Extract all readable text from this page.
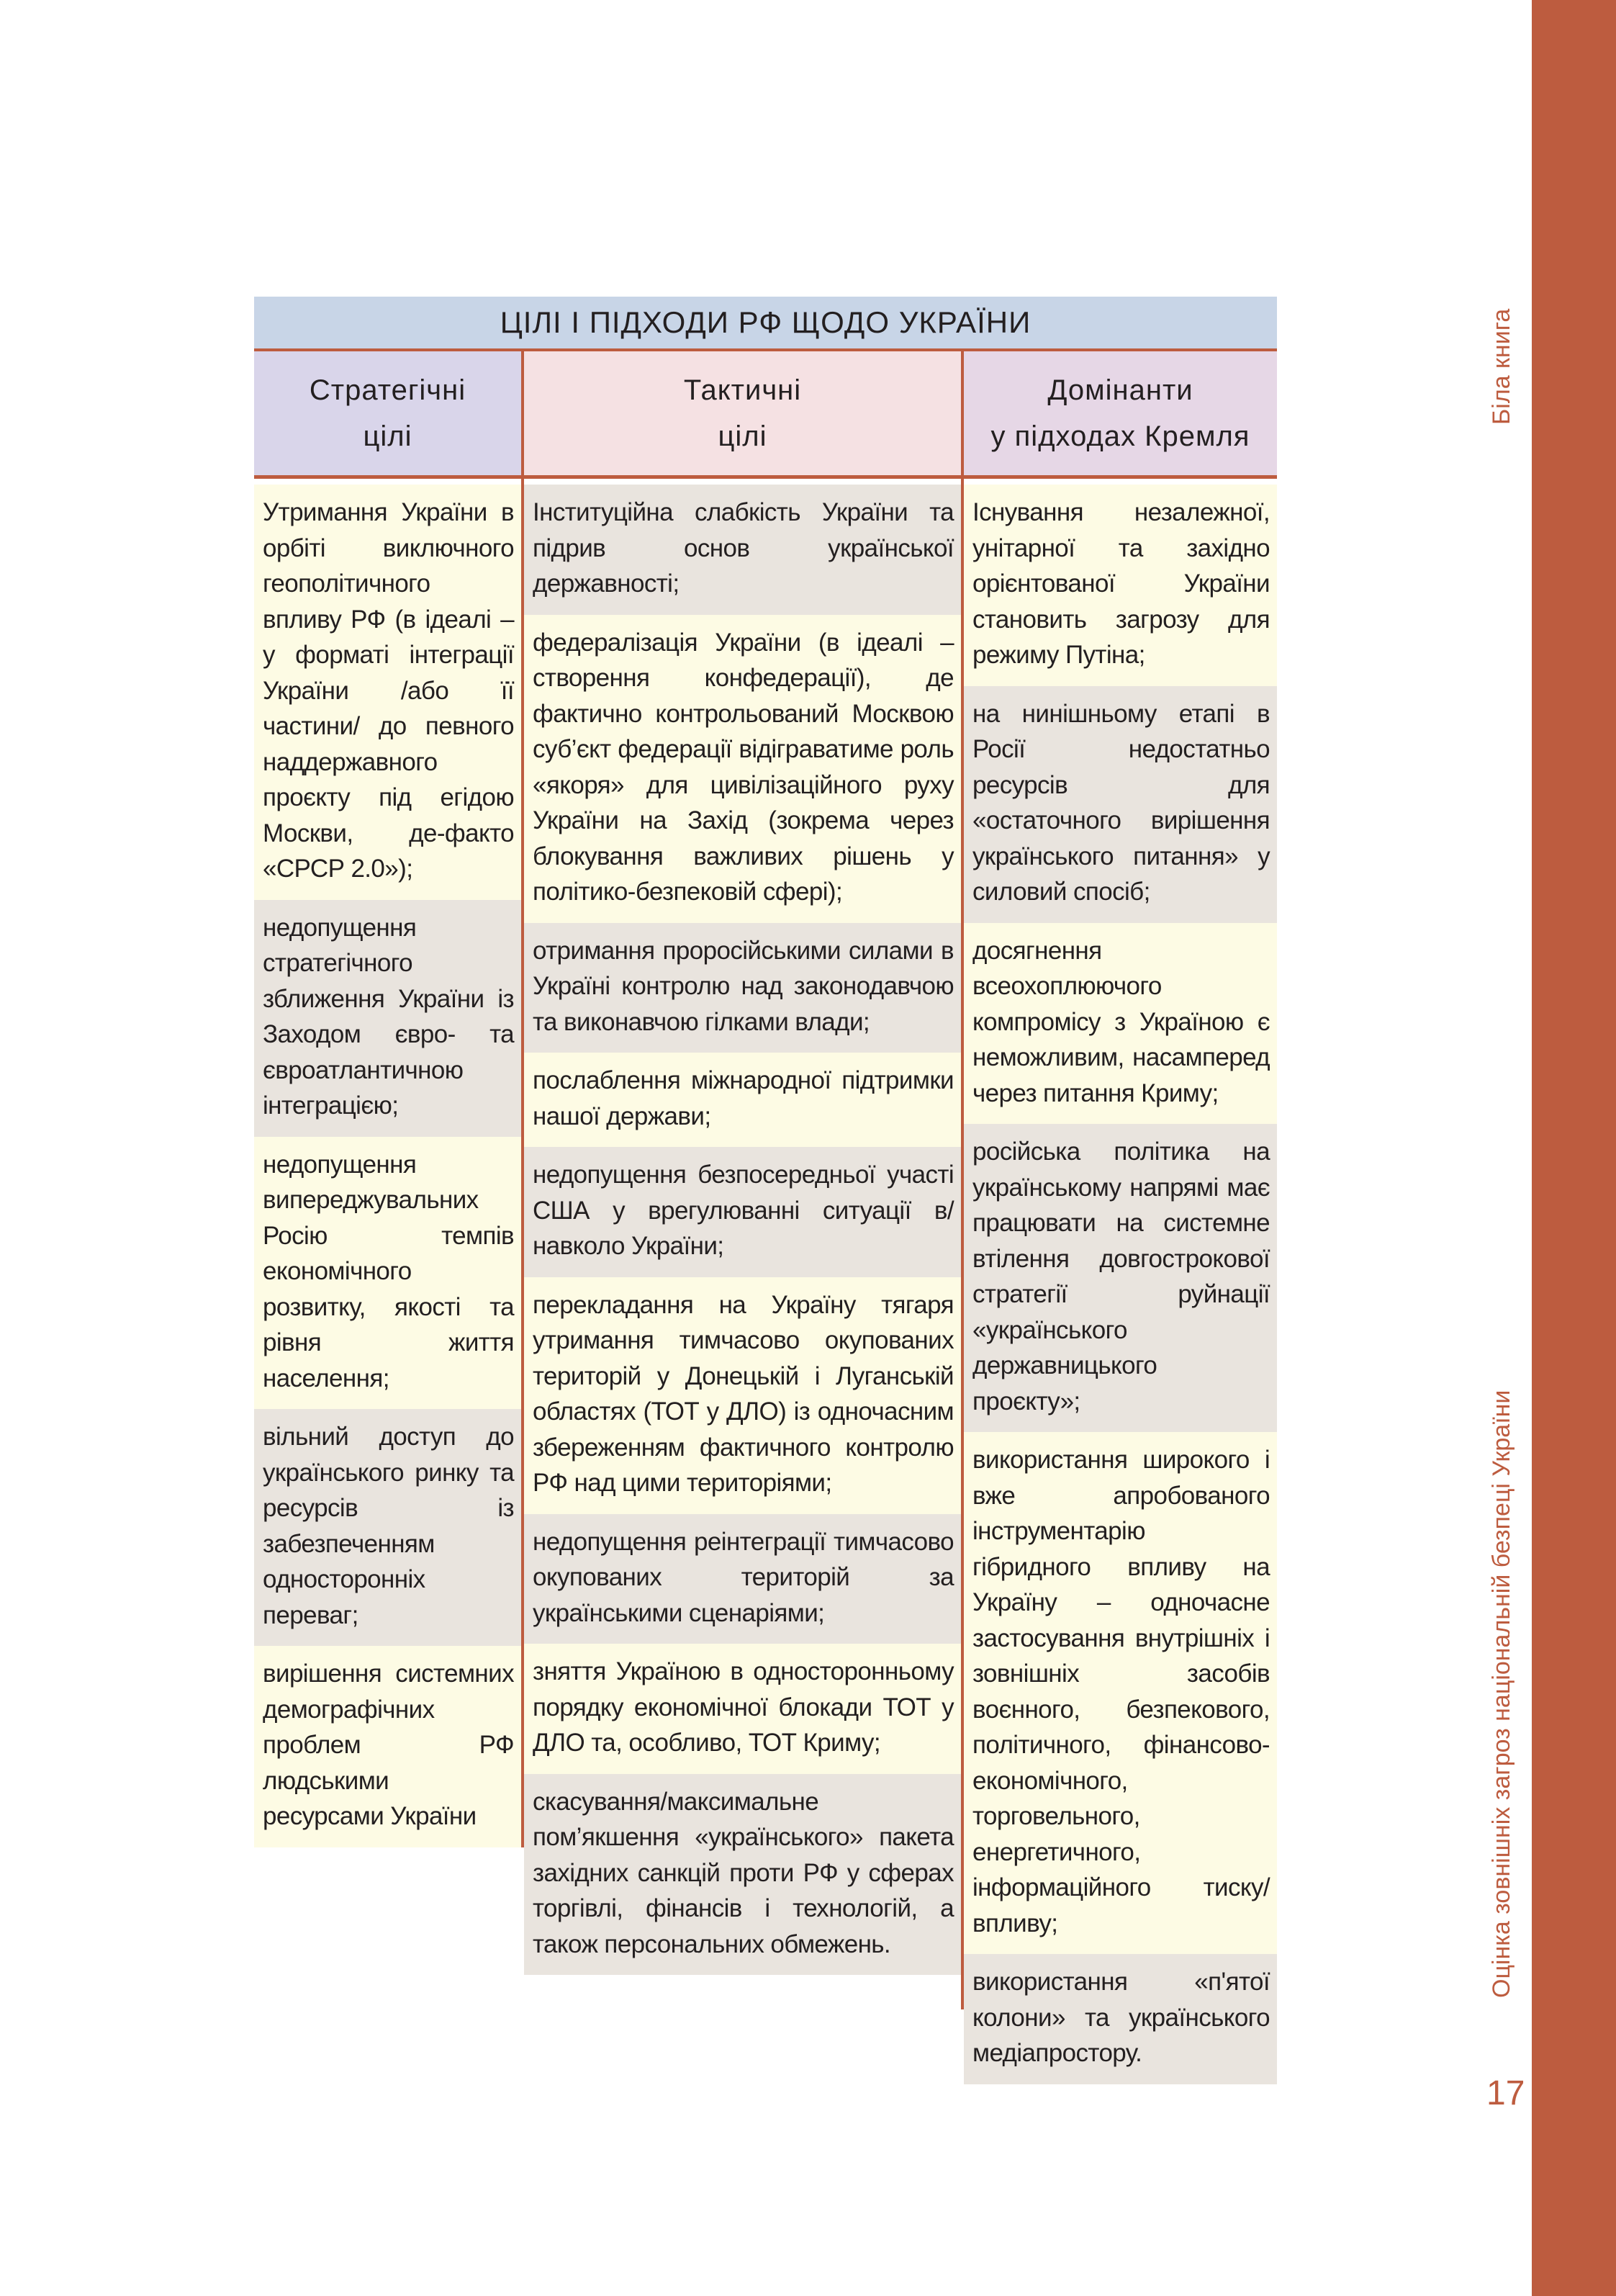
Біла книга
Оцінка зовнішніх загроз національній безпеці України
17
ЦІЛІ І ПІДХОДИ РФ ЩОДО УКРАЇНИ
Стратегічні
цілі
Тактичні
цілі
Домінанти
у підходах Кремля
Утримання України в орбіті виключного геополітичного впливу РФ (в ідеалі – у форматі інтеграції України /або її частини/ до певного наддержавного проєкту під егідою Москви, де-факто «СРСР 2.0»);
недопущення стратегічного зближення України із Заходом євро- та євроатлантичною інтеграцією;
недопущення випереджувальних Росію темпів економічного розвитку, якості та рівня життя населення;
вільний доступ до українського ринку та ресурсів із забезпеченням односторонніх переваг;
вирішення системних демографічних проблем РФ людськими ресурсами України
Інституційна слабкість України та підрив основ української державності;
федералізація України (в ідеалі – створення конфедерації), де фактично контрольований Москвою суб’єкт федерації відіграватиме роль «якоря» для цивілізаційного руху України на Захід (зокрема через блокування важливих рішень у політико-безпековій сфері);
отримання проросійськими силами в Україні контролю над законодавчою та виконавчою гілками влади;
послаблення міжнародної підтримки нашої держави;
недопущення безпосередньої участі США у врегулюванні ситуації в/навколо України;
перекладання на Україну тягаря утримання тимчасово окупованих територій у Донецькій і Луганській областях (ТОТ у ДЛО) із одночасним збереженням фактичного контролю РФ над цими територіями;
недопущення реінтеграції тимчасово окупованих територій за українськими сценаріями;
зняття Україною в односторонньому порядку економічної блокади ТОТ у ДЛО та, особливо, ТОТ Криму;
скасування/максимальне пом’якшення «українського» пакета західних санкцій проти РФ у сферах торгівлі, фінансів і технологій, а також персональних обмежень.
Існування незалежної, унітарної та західно орієнтованої України становить загрозу для режиму Путіна;
на нинішньому етапі в Росії недостатньо ресурсів для «остаточного вирішення українського питання» у силовий спосіб;
досягнення всеохоплюючого компромісу з Україною є неможливим, насамперед через питання Криму;
російська політика на українському напрямі має працювати на системне втілення довгострокової стратегії руйнації «українського державницького проєкту»;
використання широкого і вже апробованого інструментарію гібридного впливу на Україну – одночасне застосування внутрішніх і зовнішніх засобів воєнного, безпекового, політичного, фінансово-економічного, торговельного, енергетичного, інформаційного тиску/впливу;
використання «п'ятої колони» та українського медіапростору.
